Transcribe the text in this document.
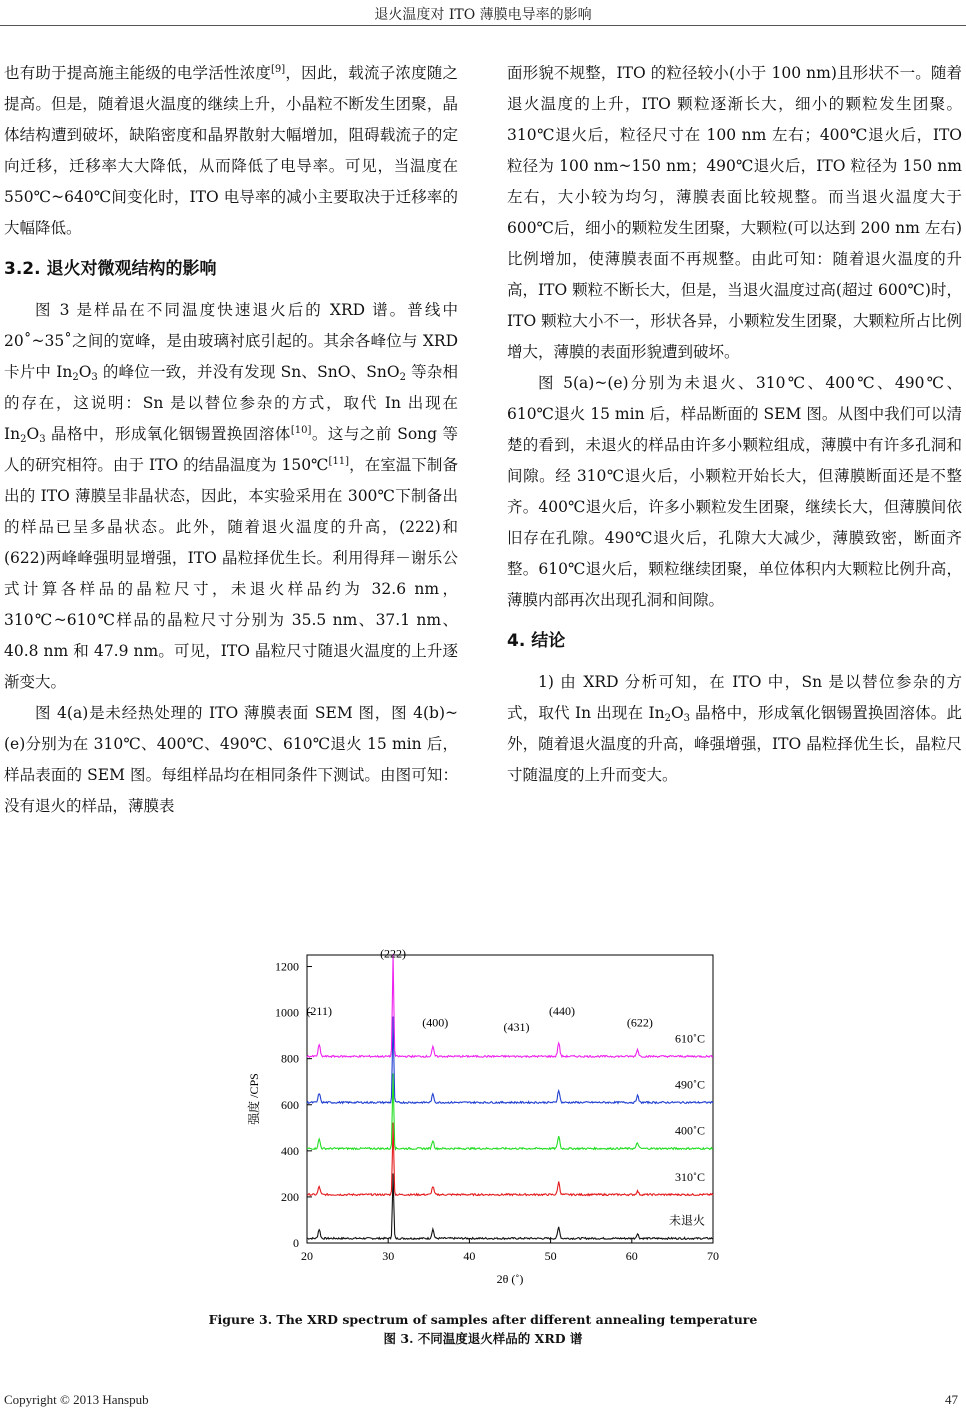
退火温度对 ITO 薄膜电导率的影响

也有助于提高施主能级的电学活性浓度[9]，因此，载流子浓度随之提高。但是，随着退火温度的继续上升，小晶粒不断发生团聚，晶体结构遭到破坏，缺陷密度和晶界散射大幅增加，阻碍载流子的定向迁移，迁移率大大降低，从而降低了电导率。可见，当温度在 550℃~640℃间变化时，ITO 电导率的减小主要取决于迁移率的大幅降低。

3.2. 退火对微观结构的影响

图 3 是样品在不同温度快速退火后的 XRD 谱。普线中 20˚~35˚之间的宽峰，是由玻璃衬底引起的。其余各峰位与 XRD 卡片中 $In_2O_3$ 的峰位一致，并没有发现 Sn、SnO、SnO$_2$ 等杂相的存在，这说明：Sn 是以替位参杂的方式，取代 In 出现在 $In_2O_3$ 晶格中，形成氧化铟锡置换固溶体[10]。这与之前 Song 等人的研究相符。由于 ITO 的结晶温度为 150℃[11]，在室温下制备出的 ITO 薄膜呈非晶状态，因此，本实验采用在 300℃下制备出的样品已呈多晶状态。此外，随着退火温度的升高，(222)和(622)两峰峰强明显增强，ITO 晶粒择优生长。利用得拜－谢乐公式计算各样品的晶粒尺寸，未退火样品约为 32.6 nm，310℃~610℃样品的晶粒尺寸分别为 35.5 nm、37.1 nm、40.8 nm 和 47.9 nm。可见，ITO 晶粒尺寸随退火温度的上升逐渐变大。

图 4(a)是未经热处理的 ITO 薄膜表面 SEM 图，图 4(b)~(e)分别为在 310℃、400℃、490℃、610℃退火 15 min 后，样品表面的 SEM 图。每组样品均在相同条件下测试。由图可知：没有退火的样品，薄膜表

面形貌不规整，ITO 的粒径较小(小于 100 nm)且形状不一。随着退火温度的上升，ITO 颗粒逐渐长大，细小的颗粒发生团聚。310℃退火后，粒径尺寸在 100 nm 左右；400℃退火后，ITO 粒径为 100 nm~150 nm；490℃退火后，ITO 粒径为 150 nm 左右，大小较为均匀，薄膜表面比较规整。而当退火温度大于 600℃后，细小的颗粒发生团聚，大颗粒(可以达到 200 nm 左右)比例增加，使薄膜表面不再规整。由此可知：随着退火温度的升高，ITO 颗粒不断长大，但是，当退火温度过高(超过 600℃)时，ITO 颗粒大小不一，形状各异，小颗粒发生团聚，大颗粒所占比例增大，薄膜的表面形貌遭到破坏。

图 5(a)~(e)分别为未退火、310℃、400℃、490℃、610℃退火 15 min 后，样品断面的 SEM 图。从图中我们可以清楚的看到，未退火的样品由许多小颗粒组成，薄膜中有许多孔洞和间隙。经 310℃退火后，小颗粒开始长大，但薄膜断面还是不整齐。400℃退火后，许多小颗粒发生团聚，继续长大，但薄膜间依旧存在孔隙。490℃退火后，孔隙大大减少，薄膜致密，断面齐整。610℃退火后，颗粒继续团聚，单位体积内大颗粒比例升高，薄膜内部再次出现孔洞和间隙。

4. 结论

1) 由 XRD 分析可知，在 ITO 中，Sn 是以替位参杂的方式，取代 In 出现在 $In_2O_3$ 晶格中，形成氧化铟锡置换固溶体。此外，随着退火温度的升高，峰强增强，ITO 晶粒择优生长，晶粒尺寸随温度的上升而变大。

20	30	40	50	60	70
0
200
400
600
800
1000
1200
2θ (˚)
强度 /CPS
未退火
310˚C
400˚C
490˚C
610˚C
(211)
(222)
(400)	(431)
(440)
(622)
Figure 3. The XRD spectrum of samples after different annealing temperature
图 3. 不同温度退火样品的 XRD 谱
Copyright © 2013 Hanspub	47
